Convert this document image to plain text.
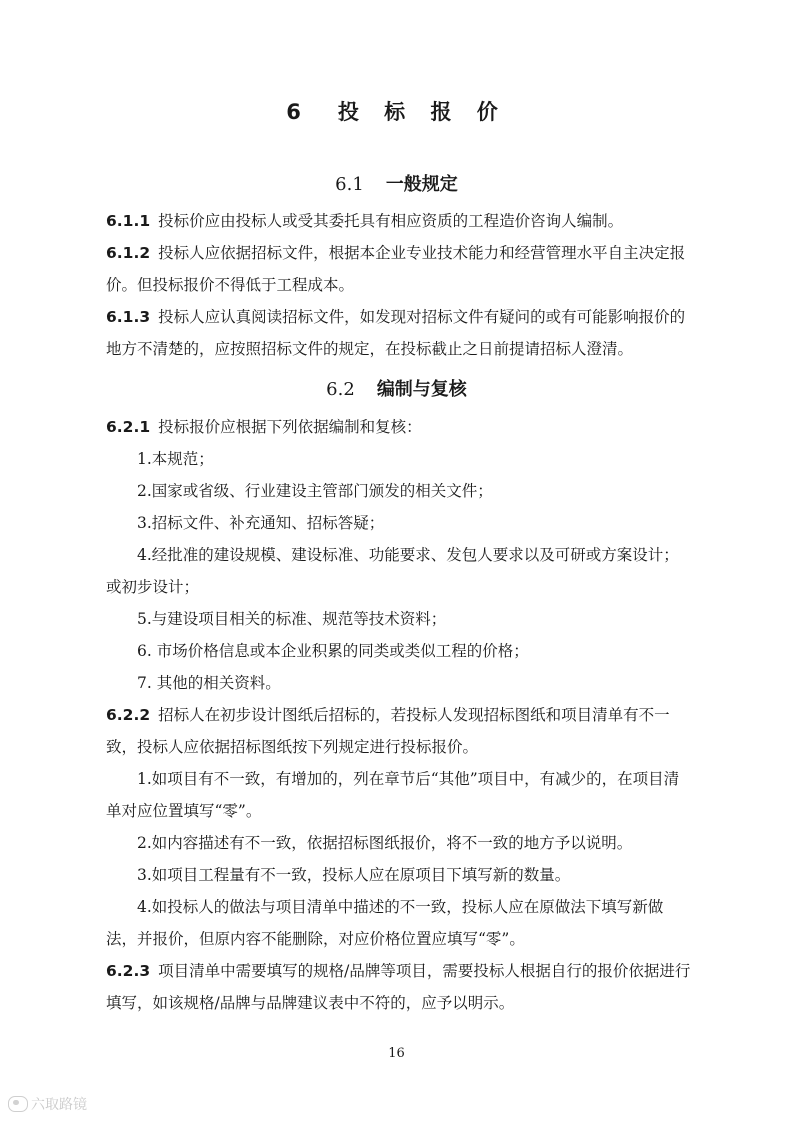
6 投 标 报 价
6.1 一般规定
6.1.1 投标价应由投标人或受其委托具有相应资质的工程造价咨询人编制。
6.1.2 投标人应依据招标文件，根据本企业专业技术能力和经营管理水平自主决定报价。但投标报价不得低于工程成本。
6.1.3 投标人应认真阅读招标文件，如发现对招标文件有疑问的或有可能影响报价的地方不清楚的，应按照招标文件的规定，在投标截止之日前提请招标人澄清。
6.2 编制与复核
6.2.1 投标报价应根据下列依据编制和复核：
1.本规范；
2.国家或省级、行业建设主管部门颁发的相关文件；
3.招标文件、补充通知、招标答疑；
4.经批准的建设规模、建设标准、功能要求、发包人要求以及可研或方案设计；或初步设计；
5.与建设项目相关的标准、规范等技术资料；
6. 市场价格信息或本企业积累的同类或类似工程的价格；
7. 其他的相关资料。
6.2.2 招标人在初步设计图纸后招标的，若投标人发现招标图纸和项目清单有不一致，投标人应依据招标图纸按下列规定进行投标报价。
1.如项目有不一致，有增加的，列在章节后“其他”项目中，有减少的，在项目清单对应位置填写“零”。
2.如内容描述有不一致，依据招标图纸报价，将不一致的地方予以说明。
3.如项目工程量有不一致，投标人应在原项目下填写新的数量。
4.如投标人的做法与项目清单中描述的不一致，投标人应在原做法下填写新做法，并报价，但原内容不能删除，对应价格位置应填写“零”。
6.2.3 项目清单中需要填写的规格/品牌等项目，需要投标人根据自行的报价依据进行填写，如该规格/品牌与品牌建议表中不符的，应予以明示。
16
六取路镜
